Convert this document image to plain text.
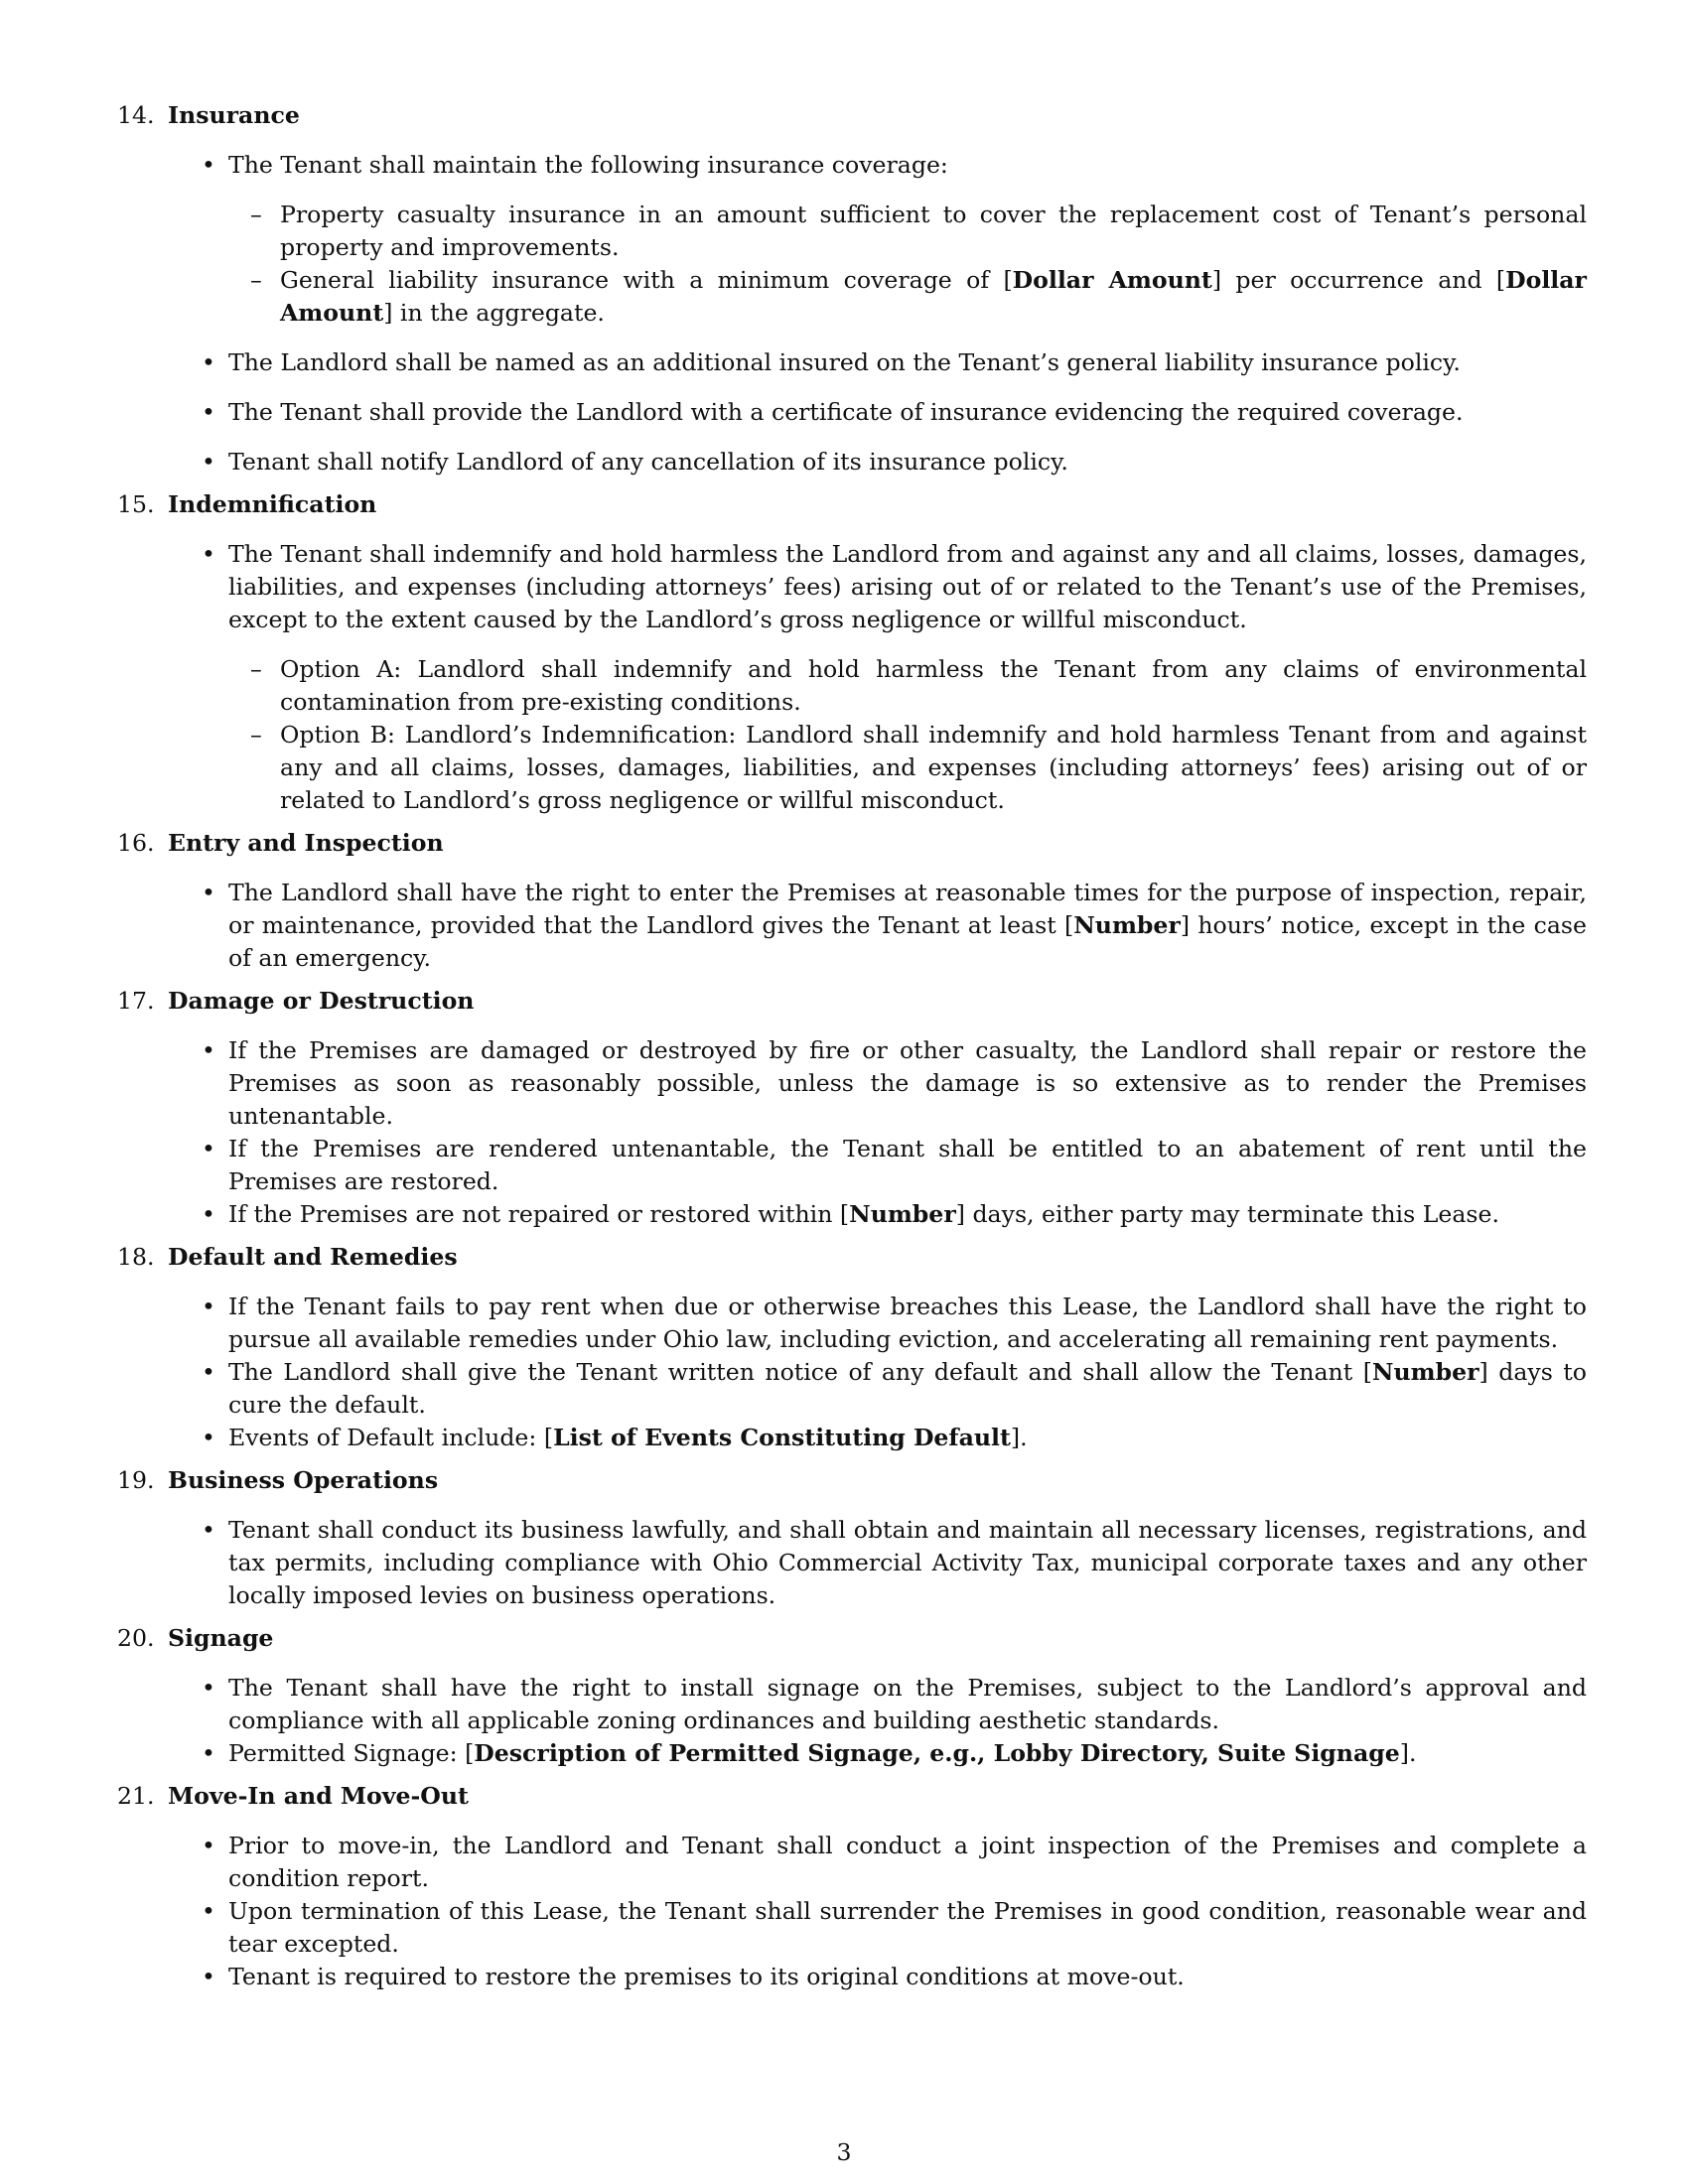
14. Insurance
• The Tenant shall maintain the following insurance coverage:
– Property casualty insurance in an amount sufficient to cover the replacement cost of Tenant’s personal property and improvements.
– General liability insurance with a minimum coverage of [Dollar Amount] per occurrence and [Dollar Amount] in the aggregate.
• The Landlord shall be named as an additional insured on the Tenant’s general liability insurance policy.
• The Tenant shall provide the Landlord with a certificate of insurance evidencing the required coverage.
• Tenant shall notify Landlord of any cancellation of its insurance policy.
15. Indemnification
• The Tenant shall indemnify and hold harmless the Landlord from and against any and all claims, losses, damages, liabilities, and expenses (including attorneys’ fees) arising out of or related to the Tenant’s use of the Premises, except to the extent caused by the Landlord’s gross negligence or willful misconduct.
– Option A: Landlord shall indemnify and hold harmless the Tenant from any claims of environmental contamination from pre-existing conditions.
– Option B: Landlord’s Indemnification: Landlord shall indemnify and hold harmless Tenant from and against any and all claims, losses, damages, liabilities, and expenses (including attorneys’ fees) arising out of or related to Landlord’s gross negligence or willful misconduct.
16. Entry and Inspection
• The Landlord shall have the right to enter the Premises at reasonable times for the purpose of inspection, repair, or maintenance, provided that the Landlord gives the Tenant at least [Number] hours’ notice, except in the case of an emergency.
17. Damage or Destruction
• If the Premises are damaged or destroyed by fire or other casualty, the Landlord shall repair or restore the Premises as soon as reasonably possible, unless the damage is so extensive as to render the Premises untenantable.
• If the Premises are rendered untenantable, the Tenant shall be entitled to an abatement of rent until the Premises are restored.
• If the Premises are not repaired or restored within [Number] days, either party may terminate this Lease.
18. Default and Remedies
• If the Tenant fails to pay rent when due or otherwise breaches this Lease, the Landlord shall have the right to pursue all available remedies under Ohio law, including eviction, and accelerating all remaining rent payments.
• The Landlord shall give the Tenant written notice of any default and shall allow the Tenant [Number] days to cure the default.
• Events of Default include: [List of Events Constituting Default].
19. Business Operations
• Tenant shall conduct its business lawfully, and shall obtain and maintain all necessary licenses, registrations, and tax permits, including compliance with Ohio Commercial Activity Tax, municipal corporate taxes and any other locally imposed levies on business operations.
20. Signage
• The Tenant shall have the right to install signage on the Premises, subject to the Landlord’s approval and compliance with all applicable zoning ordinances and building aesthetic standards.
• Permitted Signage: [Description of Permitted Signage, e.g., Lobby Directory, Suite Signage].
21. Move-In and Move-Out
• Prior to move-in, the Landlord and Tenant shall conduct a joint inspection of the Premises and complete a condition report.
• Upon termination of this Lease, the Tenant shall surrender the Premises in good condition, reasonable wear and tear excepted.
• Tenant is required to restore the premises to its original conditions at move-out.
3
